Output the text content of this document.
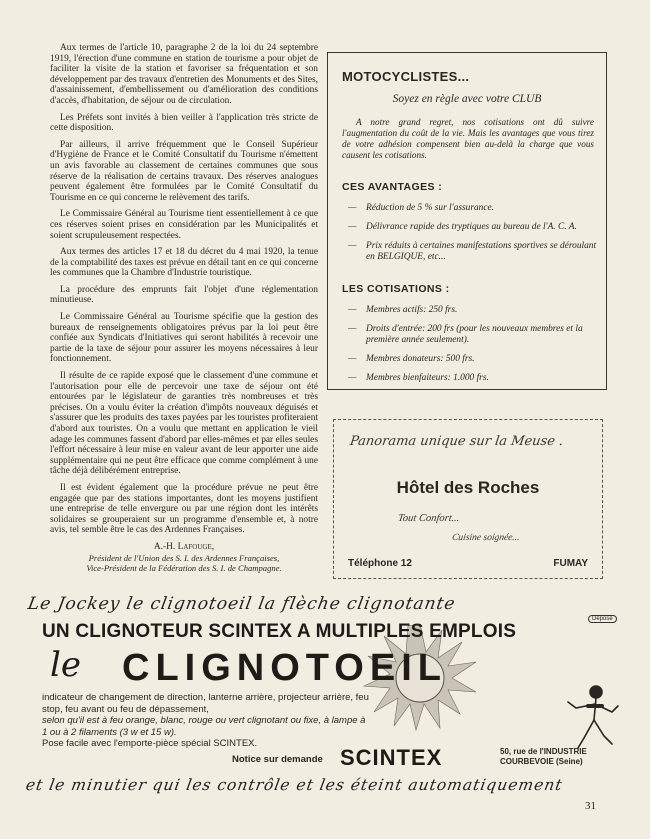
Aux termes de l'article 10, paragraphe 2 de la loi du 24 septembre 1919, l'érection d'une commune en station de tourisme a pour objet de faciliter la visite de la station et favoriser sa fréquentation et son développement par des travaux d'entretien des Monuments et des Sites, d'assainissement, d'embellissement ou d'amélioration des conditions d'accès, d'habitation, de séjour ou de circulation.

Les Préfets sont invités à bien veiller à l'application très stricte de cette disposition.

Par ailleurs, il arrive fréquemment que le Conseil Supérieur d'Hygiène de France et le Comité Consultatif du Tourisme n'émettent un avis favorable au classement de certaines communes que sous réserve de la réalisation de certains travaux. Des réserves analogues peuvent également être formulées par le Comité Consultatif du Tourisme en ce qui concerne le relèvement des tarifs.

Le Commissaire Général au Tourisme tient essentiellement à ce que ces réserves soient prises en considération par les Municipalités et soient scrupuleusement respectées.

Aux termes des articles 17 et 18 du décret du 4 mai 1920, la tenue de la comptabilité des taxes est prévue en détail tant en ce qui concerne les communes que la Chambre d'Industrie touristique.

La procédure des emprunts fait l'objet d'une réglementation minutieuse.

Le Commissaire Général au Tourisme spécifie que la gestion des bureaux de renseignements obligatoires prévus par la loi peut être confiée aux Syndicats d'Initiatives qui seront habilités à recevoir une partie de la taxe de séjour pour assurer les moyens nécessaires à leur fonctionnement.

Il résulte de ce rapide exposé que le classement d'une commune et l'autorisation pour elle de percevoir une taxe de séjour ont été entourées par le législateur de garanties très nombreuses et très précises. On a voulu éviter la création d'impôts nouveaux déguisés et s'assurer que les produits des taxes payées par les touristes profiteraient d'abord aux touristes. On a voulu que mettant en application le vieil adage les communes fassent d'abord par elles-mêmes et par elles seules l'effort nécessaire à leur mise en valeur avant de leur apporter une aide supplémentaire qui ne peut être efficace que comme complément à une tâche déjà délibérément entreprise.

Il est évident également que la procédure prévue ne peut être engagée que par des stations importantes, dont les moyens justifient une entreprise de telle envergure ou par une région dont les intérêts solidaires se grouperaient sur un programme d'ensemble et, à notre avis, tel semble être le cas des Ardennes Françaises.

A.-H. Lafouge,
Président de l'Union des S. I. des Ardennes Françaises,
Vice-Président de la Fédération des S. I. de Champagne.
MOTOCYCLISTES...
Soyez en règle avec votre CLUB
A notre grand regret, nos cotisations ont dû suivre l'augmentation du coût de la vie. Mais les avantages que vous tirez de votre adhésion compensent bien au-delà la charge que vous causent les cotisations.
CES AVANTAGES :
— Réduction de 5 % sur l'assurance.
— Délivrance rapide des tryptiques au bureau de l'A. C. A.
— Prix réduits à certaines manifestations sportives se déroulant en BELGIQUE, etc...
LES COTISATIONS :
— Membres actifs: 250 frs.
— Droits d'entrée: 200 frs (pour les nouveaux membres et la première année seulement).
— Membres donateurs: 500 frs.
— Membres bienfaiteurs: 1.000 frs.
Panorama unique sur la Meuse .
Hôtel des Roches
Tout Confort...
Cuisine soignée...
Téléphone 12	FUMAY
Le Jockey le clignotoeil la flèche clignotante
Déposé
UN CLIGNOTEUR SCINTEX A MULTIPLES EMPLOIS
le CLIGNOTOEIL
indicateur de changement de direction, lanterne arrière, projecteur arrière, feu stop, feu avant ou feu de dépassement,
selon qu'il est à feu orange, blanc, rouge ou vert clignotant ou fixe, à lampe à 1 ou à 2 filaments (3 w et 15 w).
Pose facile avec l'emporte-pièce spécial SCINTEX.
Notice sur demande SCINTEX	50, rue de l'INDUSTRIE
COURBEVOIE (Seine)
et le minutier qui les contrôle et les éteint automatiquement
31
